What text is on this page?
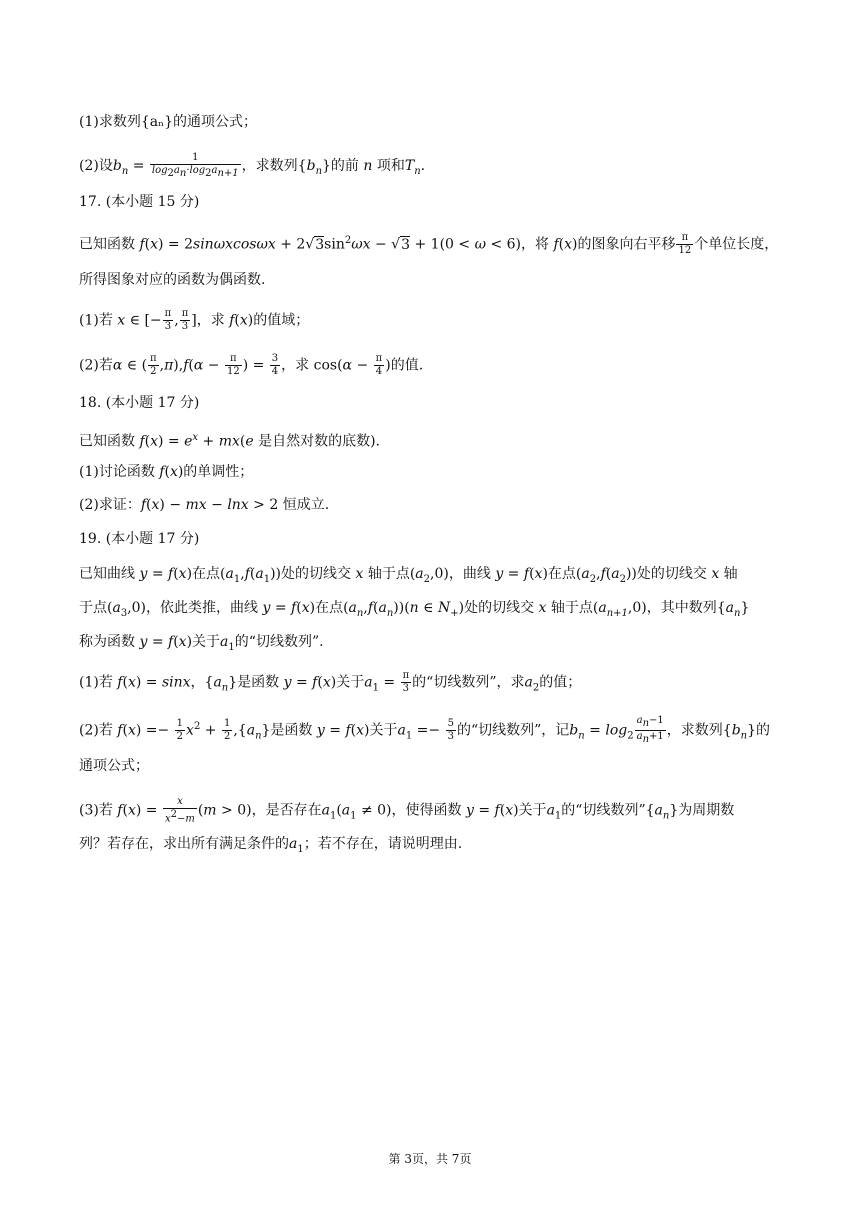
(1)求数列{aₙ}的通项公式；
(2)设$b_n = \frac{1}{\log_2a_n\cdot\log_2a_{n+1}}$ ，求数列$\{b_n\}$的前 n 项和$T_n$.
17. (本小题 15 分)
已知函数 $f(x) = 2\sin\omega xcos\omega x + 2√3\sin^2\omega x - √3 + 1(0 < \omega < 6)$，将 f(x)的图象向右平移 $\frac{\pi}{12}$ 个单位长度，
所得图象对应的函数为偶函数.
(1)若 x ∈ [− $\frac{\pi}{3}$ , $\frac{\pi}{3}$ ]，求 f(x)的值域；
(2)若α ∈ ( $\frac{\pi}{2} ,\pi),f(\alpha - \frac{\pi}{12}$ ) = $\frac{3}{4}$ ，求 $\cos(\alpha - \frac{\pi}{4}$ )的值.
18. (本小题 17 分)
已知函数 $f(x) = e^x + mx(e$ 是自然对数的底数).
(1)讨论函数 f(x)的单调性；
(2)求证：f(x) − mx − lnx > 2 恒成立.
19. (本小题 17 分)
已知曲线 y = f(x)在点$(a_1,f(a_1))$处的切线交 x 轴于点$(a_2,0)$，曲线 y = f(x)在点$(a_2,f(a_2))$处的切线交 x 轴
于点$(a_3,0)$，依此类推，曲线 y = f(x)在点$(a_n,f(a_n))(n$ ∈ $N_+$)处的切线交 x 轴于点$(a_{n+1},0)$，其中数列$\{a_n\}$
称为函数 y = f(x)关于$a_1$的“切线数列”.
(1)若 f(x) = sinx，$\{a_n\}$是函数 y = f(x)关于$a_1 = \frac{\pi}{3}$ 的“切线数列”，求$a_2$的值；
(2)若 $f(x) =- \frac{1}{2} x^2 + \frac{1}{2} ,\{a_n\}$是函数 y = f(x)关于$a_1 =- \frac{5}{3}$ 的“切线数列”，记$b_n = \log_2 \frac{a_n-1}{a_n+1}$ ，求数列$\{b_n\}$的
通项公式；
(3)若 $f(x) = \frac{x}{x^2-m} (m > 0)$，是否存在$a_1(a_1 \ne 0)$，使得函数 y = f(x)关于$a_1$的“切线数列$”\{a_n\}$为周期数
列？若存在，求出所有满足条件的$a_1$；若不存在，请说明理由.
第 3页，共 7页
